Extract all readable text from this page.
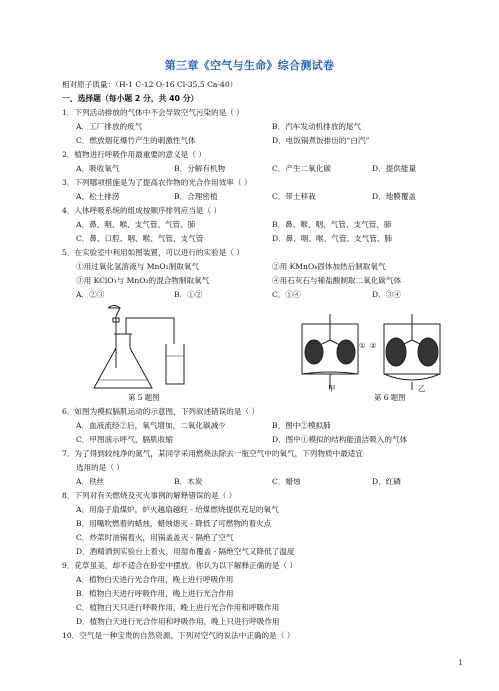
第三章《空气与生命》综合测试卷
相对原子质量：（H-1 C-12 O-16 Cl-35.5 Ca-40）
一、选择题（每小题 2 分，共 40 分）
1．下列活动排放的气体中不会导致空气污染的是（ ）
A．工厂排放的废气	B．汽车发动机排放的尾气
C．燃放烟花爆竹产生的刺激性气体	D．电饭锅煮饭排出的“白汽”
2．植物进行呼吸作用最重要的意义是（ ）
A．吸收氧气	B．分解有机物	C．产生二氧化碳	D．提供能量
3．下列哪项措施是为了提高农作物的光合作用效率（ ）
A．松土排涝	B．合理密植	C．带土移栽	D．地膜覆盖
4．人体呼吸系统的组成按顺序排列应当是（ ）
A．鼻、咽、喉、支气管、气管、肺	B．鼻、喉、咽、气管、支气管、肺
C．鼻、口腔、咽、喉、气管、支气管	D．鼻、咽、喉、气管、支气管、肺
5．在实验室中利用如图装置，可以进行的实验是（ ）
①用过氧化氢溶液与 MnO₂制取氧气	②用 KMnO₄固体加热后制取氧气
③用 KClO₃与 MnO₂的混合物制取氧气	④用石灰石与稀盐酸制取二氧化碳气体
A．②③	B．①②	C．①④	D．③④
第 5 题图
① ②
甲	乙
第 6 题图
6．如图为模拟膈肌运动的示意图，下列叙述错误的是（ ）
A．血液流经②后，氧气增加，二氧化碳减少	B．图中②模拟肺
C．甲图演示呼气，膈肌收缩	D．图中①模拟的结构能清洁吸入的气体
7．为了得到较纯净的氮气，某同学采用燃烧法除去一瓶空气中的氧气，下列物质中最适宜
选用的是（ ）
A．铁丝	B．木炭	C．蜡烛	D．红磷
8．下列对有关燃烧及灭火事例的解释错误的是（ ）
A．用扇子扇煤炉，炉火越扇越旺 - 给煤燃烧提供充足的氧气
B．用嘴吹燃着的蜡烛，蜡烛熄灭 - 降低了可燃物的着火点
C．炒菜时油锅着火，用锅盖盖灭 - 隔绝了空气
D．酒精洒到实验台上着火，用湿布覆盖 - 隔绝空气又降低了温度
9．花草虽美，却不适合在卧室中摆放。你认为以下解释正确的是（ ）
A．植物白天进行光合作用，晚上进行呼吸作用
B．植物白天进行呼吸作用，晚上进行光合作用
C．植物白天只进行呼吸作用，晚上进行光合作用和呼吸作用
D．植物白天进行光合作用和呼吸作用，晚上只进行呼吸作用
10．空气是一种宝贵的自然资源。下列对空气的说法中正确的是（ ）
1
